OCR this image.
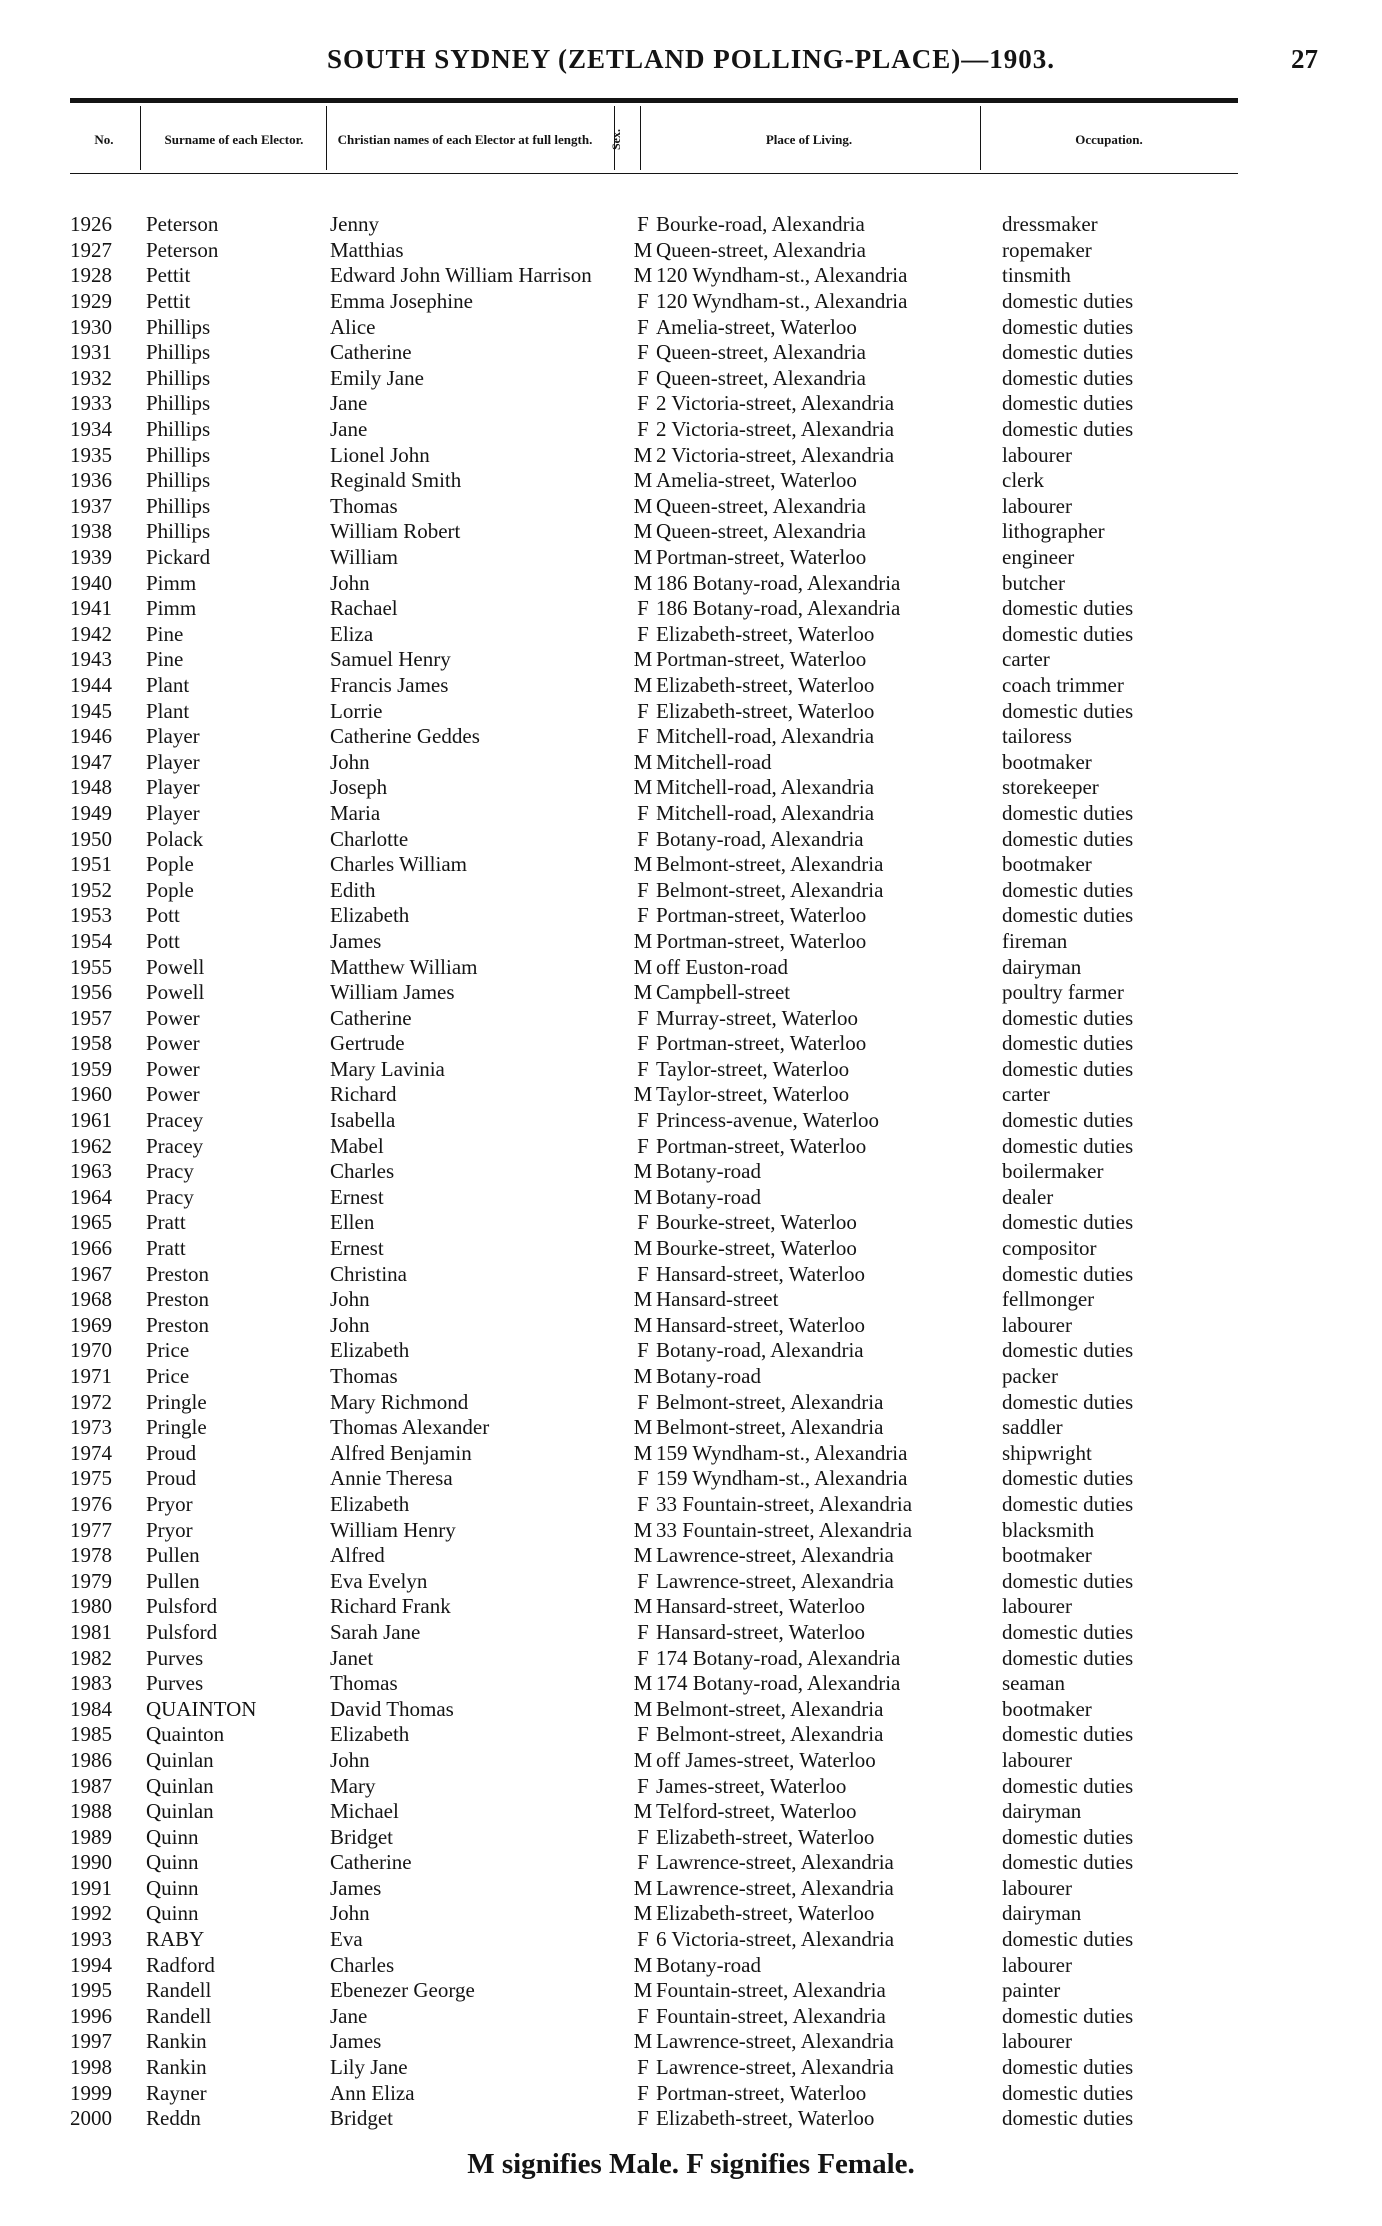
SOUTH SYDNEY (ZETLAND POLLING-PLACE)—1903.	27
No.	Surname of each Elector.	Christian names of each Elector at full length.	Sex.	Place of Living.	Occupation.
1926	Peterson	Jenny	F	Bourke-road, Alexandria	dressmaker
1927	Peterson	Matthias	M	Queen-street, Alexandria	ropemaker
1928	Pettit	Edward John William Harrison	M	120 Wyndham-st., Alexandria	tinsmith
1929	Pettit	Emma Josephine	F	120 Wyndham-st., Alexandria	domestic duties
1930	Phillips	Alice	F	Amelia-street, Waterloo	domestic duties
1931	Phillips	Catherine	F	Queen-street, Alexandria	domestic duties
1932	Phillips	Emily Jane	F	Queen-street, Alexandria	domestic duties
1933	Phillips	Jane	F	2 Victoria-street, Alexandria	domestic duties
1934	Phillips	Jane	F	2 Victoria-street, Alexandria	domestic duties
1935	Phillips	Lionel John	M	2 Victoria-street, Alexandria	labourer
1936	Phillips	Reginald Smith	M	Amelia-street, Waterloo	clerk
1937	Phillips	Thomas	M	Queen-street, Alexandria	labourer
1938	Phillips	William Robert	M	Queen-street, Alexandria	lithographer
1939	Pickard	William	M	Portman-street, Waterloo	engineer
1940	Pimm	John	M	186 Botany-road, Alexandria	butcher
1941	Pimm	Rachael	F	186 Botany-road, Alexandria	domestic duties
1942	Pine	Eliza	F	Elizabeth-street, Waterloo	domestic duties
1943	Pine	Samuel Henry	M	Portman-street, Waterloo	carter
1944	Plant	Francis James	M	Elizabeth-street, Waterloo	coach trimmer
1945	Plant	Lorrie	F	Elizabeth-street, Waterloo	domestic duties
1946	Player	Catherine Geddes	F	Mitchell-road, Alexandria	tailoress
1947	Player	John	M	Mitchell-road	bootmaker
1948	Player	Joseph	M	Mitchell-road, Alexandria	storekeeper
1949	Player	Maria	F	Mitchell-road, Alexandria	domestic duties
1950	Polack	Charlotte	F	Botany-road, Alexandria	domestic duties
1951	Pople	Charles William	M	Belmont-street, Alexandria	bootmaker
1952	Pople	Edith	F	Belmont-street, Alexandria	domestic duties
1953	Pott	Elizabeth	F	Portman-street, Waterloo	domestic duties
1954	Pott	James	M	Portman-street, Waterloo	fireman
1955	Powell	Matthew William	M	off Euston-road	dairyman
1956	Powell	William James	M	Campbell-street	poultry farmer
1957	Power	Catherine	F	Murray-street, Waterloo	domestic duties
1958	Power	Gertrude	F	Portman-street, Waterloo	domestic duties
1959	Power	Mary Lavinia	F	Taylor-street, Waterloo	domestic duties
1960	Power	Richard	M	Taylor-street, Waterloo	carter
1961	Pracey	Isabella	F	Princess-avenue, Waterloo	domestic duties
1962	Pracey	Mabel	F	Portman-street, Waterloo	domestic duties
1963	Pracy	Charles	M	Botany-road	boilermaker
1964	Pracy	Ernest	M	Botany-road	dealer
1965	Pratt	Ellen	F	Bourke-street, Waterloo	domestic duties
1966	Pratt	Ernest	M	Bourke-street, Waterloo	compositor
1967	Preston	Christina	F	Hansard-street, Waterloo	domestic duties
1968	Preston	John	M	Hansard-street	fellmonger
1969	Preston	John	M	Hansard-street, Waterloo	labourer
1970	Price	Elizabeth	F	Botany-road, Alexandria	domestic duties
1971	Price	Thomas	M	Botany-road	packer
1972	Pringle	Mary Richmond	F	Belmont-street, Alexandria	domestic duties
1973	Pringle	Thomas Alexander	M	Belmont-street, Alexandria	saddler
1974	Proud	Alfred Benjamin	M	159 Wyndham-st., Alexandria	shipwright
1975	Proud	Annie Theresa	F	159 Wyndham-st., Alexandria	domestic duties
1976	Pryor	Elizabeth	F	33 Fountain-street, Alexandria	domestic duties
1977	Pryor	William Henry	M	33 Fountain-street, Alexandria	blacksmith
1978	Pullen	Alfred	M	Lawrence-street, Alexandria	bootmaker
1979	Pullen	Eva Evelyn	F	Lawrence-street, Alexandria	domestic duties
1980	Pulsford	Richard Frank	M	Hansard-street, Waterloo	labourer
1981	Pulsford	Sarah Jane	F	Hansard-street, Waterloo	domestic duties
1982	Purves	Janet	F	174 Botany-road, Alexandria	domestic duties
1983	Purves	Thomas	M	174 Botany-road, Alexandria	seaman
1984	QUAINTON	David Thomas	M	Belmont-street, Alexandria	bootmaker
1985	Quainton	Elizabeth	F	Belmont-street, Alexandria	domestic duties
1986	Quinlan	John	M	off James-street, Waterloo	labourer
1987	Quinlan	Mary	F	James-street, Waterloo	domestic duties
1988	Quinlan	Michael	M	Telford-street, Waterloo	dairyman
1989	Quinn	Bridget	F	Elizabeth-street, Waterloo	domestic duties
1990	Quinn	Catherine	F	Lawrence-street, Alexandria	domestic duties
1991	Quinn	James	M	Lawrence-street, Alexandria	labourer
1992	Quinn	John	M	Elizabeth-street, Waterloo	dairyman
1993	RABY	Eva	F	6 Victoria-street, Alexandria	domestic duties
1994	Radford	Charles	M	Botany-road	labourer
1995	Randell	Ebenezer George	M	Fountain-street, Alexandria	painter
1996	Randell	Jane	F	Fountain-street, Alexandria	domestic duties
1997	Rankin	James	M	Lawrence-street, Alexandria	labourer
1998	Rankin	Lily Jane	F	Lawrence-street, Alexandria	domestic duties
1999	Rayner	Ann Eliza	F	Portman-street, Waterloo	domestic duties
2000	Reddn	Bridget	F	Elizabeth-street, Waterloo	domestic duties
M signifies Male. F signifies Female.
